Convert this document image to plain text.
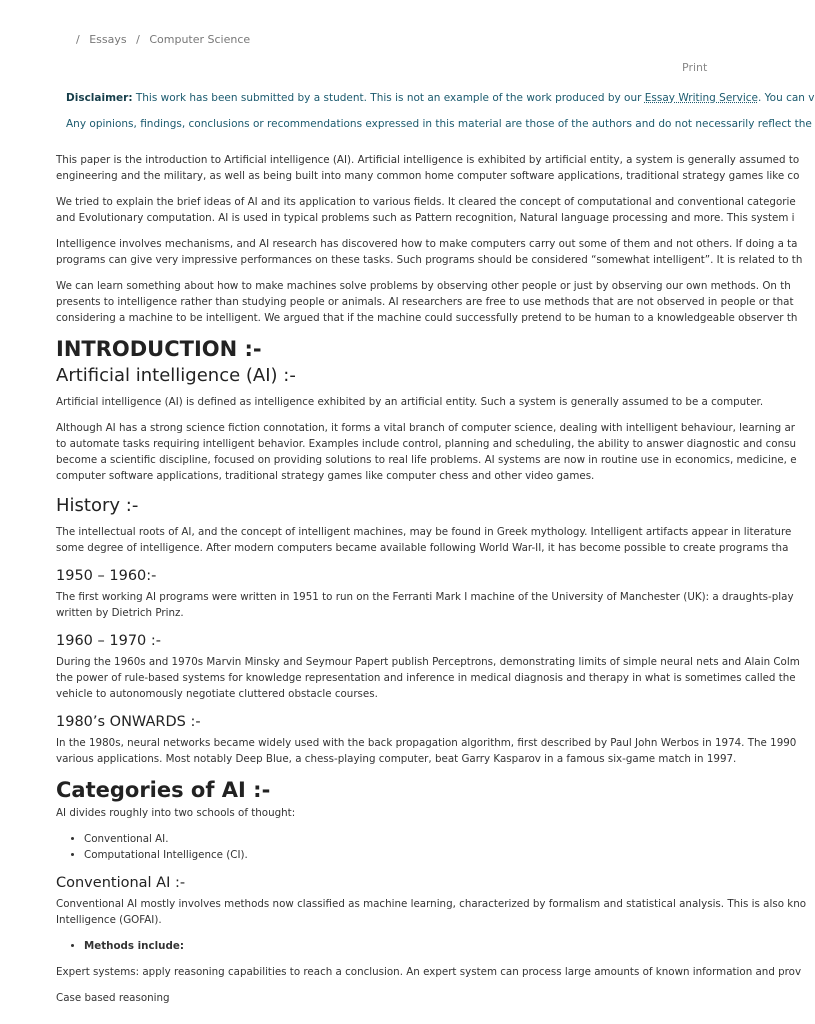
/ Essays / Computer Science
Print

Disclaimer: This work has been submitted by a student. This is not an example of the work produced by our Essay Writing Service. You can v

Any opinions, findings, conclusions or recommendations expressed in this material are those of the authors and do not necessarily reflect the

This paper is the introduction to Artificial intelligence (AI). Artificial intelligence is exhibited by artificial entity, a system is generally assumed to
engineering and the military, as well as being built into many common home computer software applications, traditional strategy games like co

We tried to explain the brief ideas of AI and its application to various fields. It cleared the concept of computational and conventional categorie
and Evolutionary computation. AI is used in typical problems such as Pattern recognition, Natural language processing and more. This system i

Intelligence involves mechanisms, and AI research has discovered how to make computers carry out some of them and not others. If doing a ta
programs can give very impressive performances on these tasks. Such programs should be considered “somewhat intelligent”. It is related to th

We can learn something about how to make machines solve problems by observing other people or just by observing our own methods. On th
presents to intelligence rather than studying people or animals. AI researchers are free to use methods that are not observed in people or that
considering a machine to be intelligent. We argued that if the machine could successfully pretend to be human to a knowledgeable observer th

INTRODUCTION :-
Artificial intelligence (AI) :-

Artificial intelligence (AI) is defined as intelligence exhibited by an artificial entity. Such a system is generally assumed to be a computer.

Although AI has a strong science fiction connotation, it forms a vital branch of computer science, dealing with intelligent behaviour, learning ar
to automate tasks requiring intelligent behavior. Examples include control, planning and scheduling, the ability to answer diagnostic and consu
become a scientific discipline, focused on providing solutions to real life problems. AI systems are now in routine use in economics, medicine, e
computer software applications, traditional strategy games like computer chess and other video games.

History :-

The intellectual roots of AI, and the concept of intelligent machines, may be found in Greek mythology. Intelligent artifacts appear in literature
some degree of intelligence. After modern computers became available following World War-II, it has become possible to create programs tha

1950 – 1960:-

The first working AI programs were written in 1951 to run on the Ferranti Mark I machine of the University of Manchester (UK): a draughts-play
written by Dietrich Prinz.

1960 – 1970 :-

During the 1960s and 1970s Marvin Minsky and Seymour Papert publish Perceptrons, demonstrating limits of simple neural nets and Alain Colm
the power of rule-based systems for knowledge representation and inference in medical diagnosis and therapy in what is sometimes called the
vehicle to autonomously negotiate cluttered obstacle courses.

1980’s ONWARDS :-

In the 1980s, neural networks became widely used with the back propagation algorithm, first described by Paul John Werbos in 1974. The 1990
various applications. Most notably Deep Blue, a chess-playing computer, beat Garry Kasparov in a famous six-game match in 1997.

Categories of AI :-

AI divides roughly into two schools of thought:

• Conventional AI.
• Computational Intelligence (CI).
Conventional AI :-

Conventional AI mostly involves methods now classified as machine learning, characterized by formalism and statistical analysis. This is also kno
Intelligence (GOFAI).

• Methods include:

Expert systems: apply reasoning capabilities to reach a conclusion. An expert system can process large amounts of known information and prov

Case based reasoning
